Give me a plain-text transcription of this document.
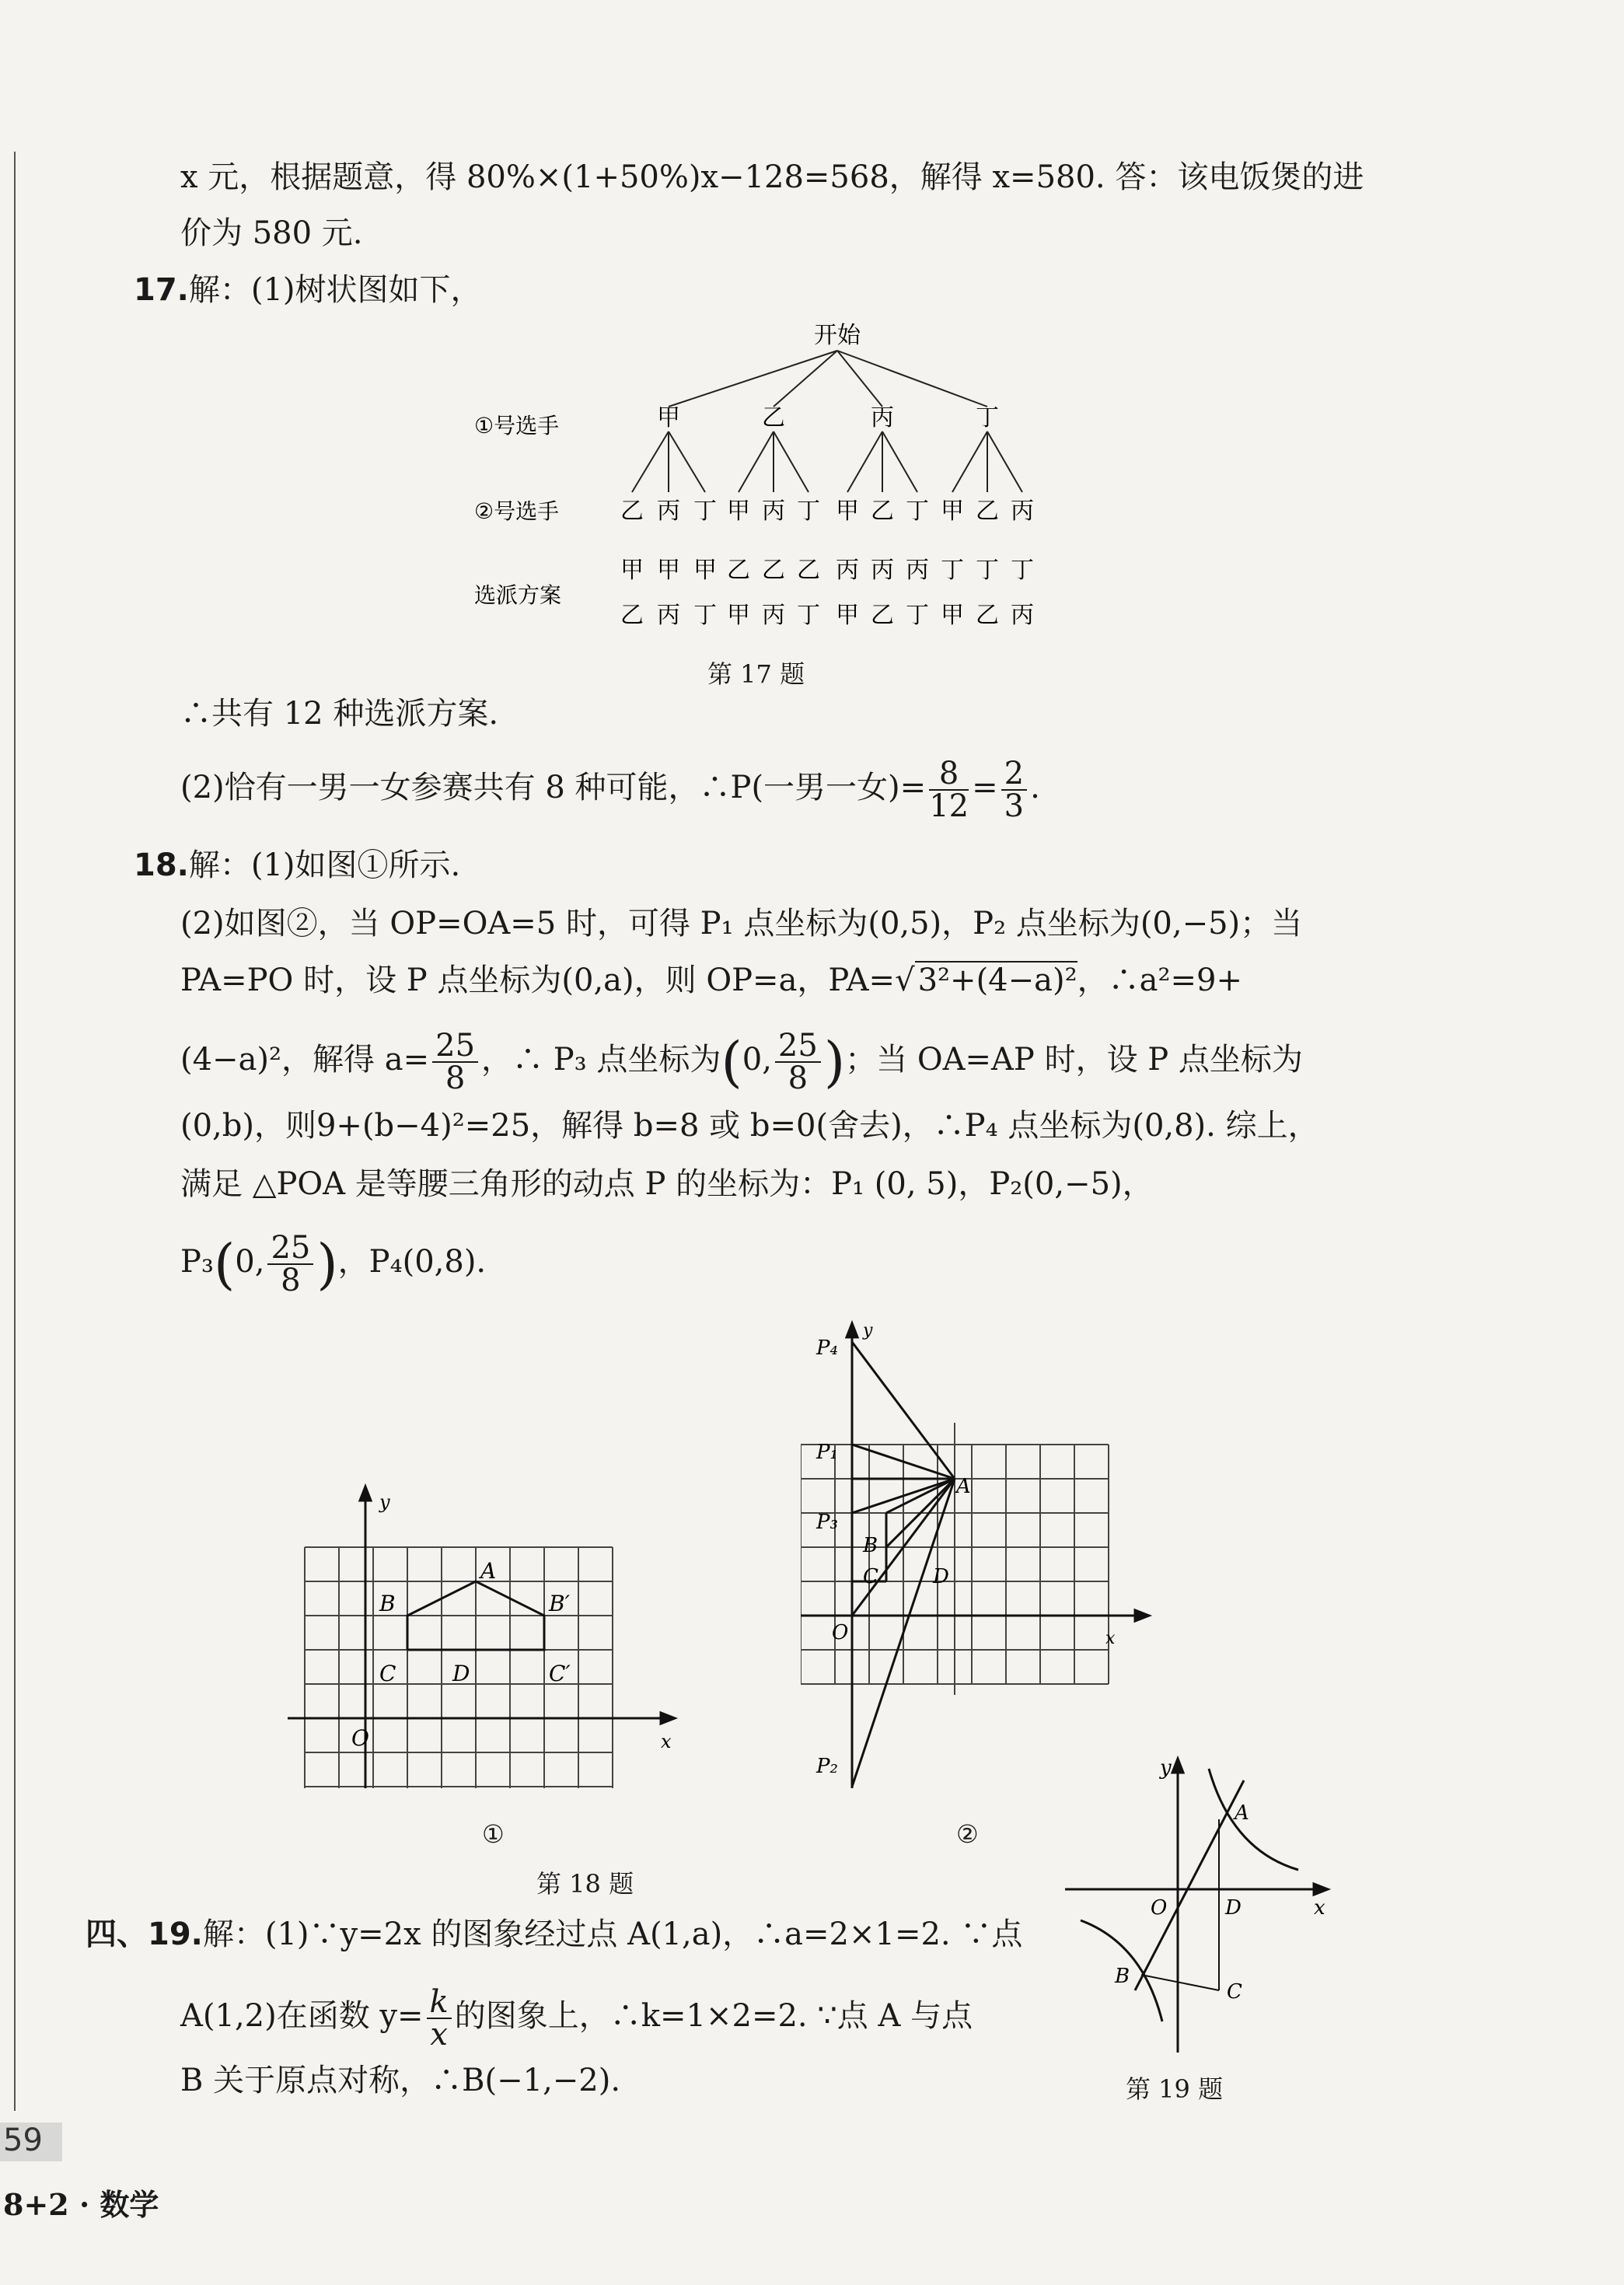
x 元，根据题意，得 80%×(1+50%)x−128=568，解得 x=580. 答：该电饭煲的进
价为 580 元.
17.解：(1)树状图如下，
开始
①号选手
②号选手
选派方案
甲	乙	丙	丁
乙 丙 丁 甲 丙 丁 甲 乙 丁 甲 乙 丙
甲 甲 甲 乙 乙 乙 丙 丙 丙 丁 丁 丁
乙 丙 丁 甲 丙 丁 甲 乙 丁 甲 乙 丙
第 17 题
∴共有 12 种选派方案.
(2)恰有一男一女参赛共有 8 种可能，∴P(一男一女)= $\frac{8}{12} = \frac{2}{3}$ .
18.解：(1)如图①所示.
(2)如图②，当 OP=OA=5 时，可得 P₁ 点坐标为(0,5)，P₂ 点坐标为(0,−5)；当
PA=PO 时，设 P 点坐标为(0,a)，则 OP=a，PA=√ 3²+(4−a)²，∴a²=9+
(4−a)²，解得 $a= \frac{25}{8}$ ，∴ P₃ 点坐标为(0, $\frac{25}{8}$ )；当 OA=AP 时，设 P 点坐标为
(0,b)，则9+(b−4)²=25，解得 b=8 或 b=0(舍去)，∴P₄ 点坐标为(0,8). 综上，
满足 △POA 是等腰三角形的动点 P 的坐标为：P₁ (0, 5)，P₂(0,−5)，
P₃(0, $\frac{25}{8}$ )，P₄(0,8).
A
B	B′
C	C′
D
O	x
y
P₄
P₁
P₃
P₂
A
B
C	D
O	x
y
①	②
第 18 题
四、19.解：(1)∵y=2x 的图象经过点 A(1,a)，∴a=2×1=2. ∵点
A(1,2)在函数 $y= \frac{k}{x}$ 的图象上，∴k=1×2=2. ∵点 A 与点
B 关于原点对称，∴B(−1,−2).
y
x
A
O	D
B
C
第 19 题
59
8+2 · 数学
